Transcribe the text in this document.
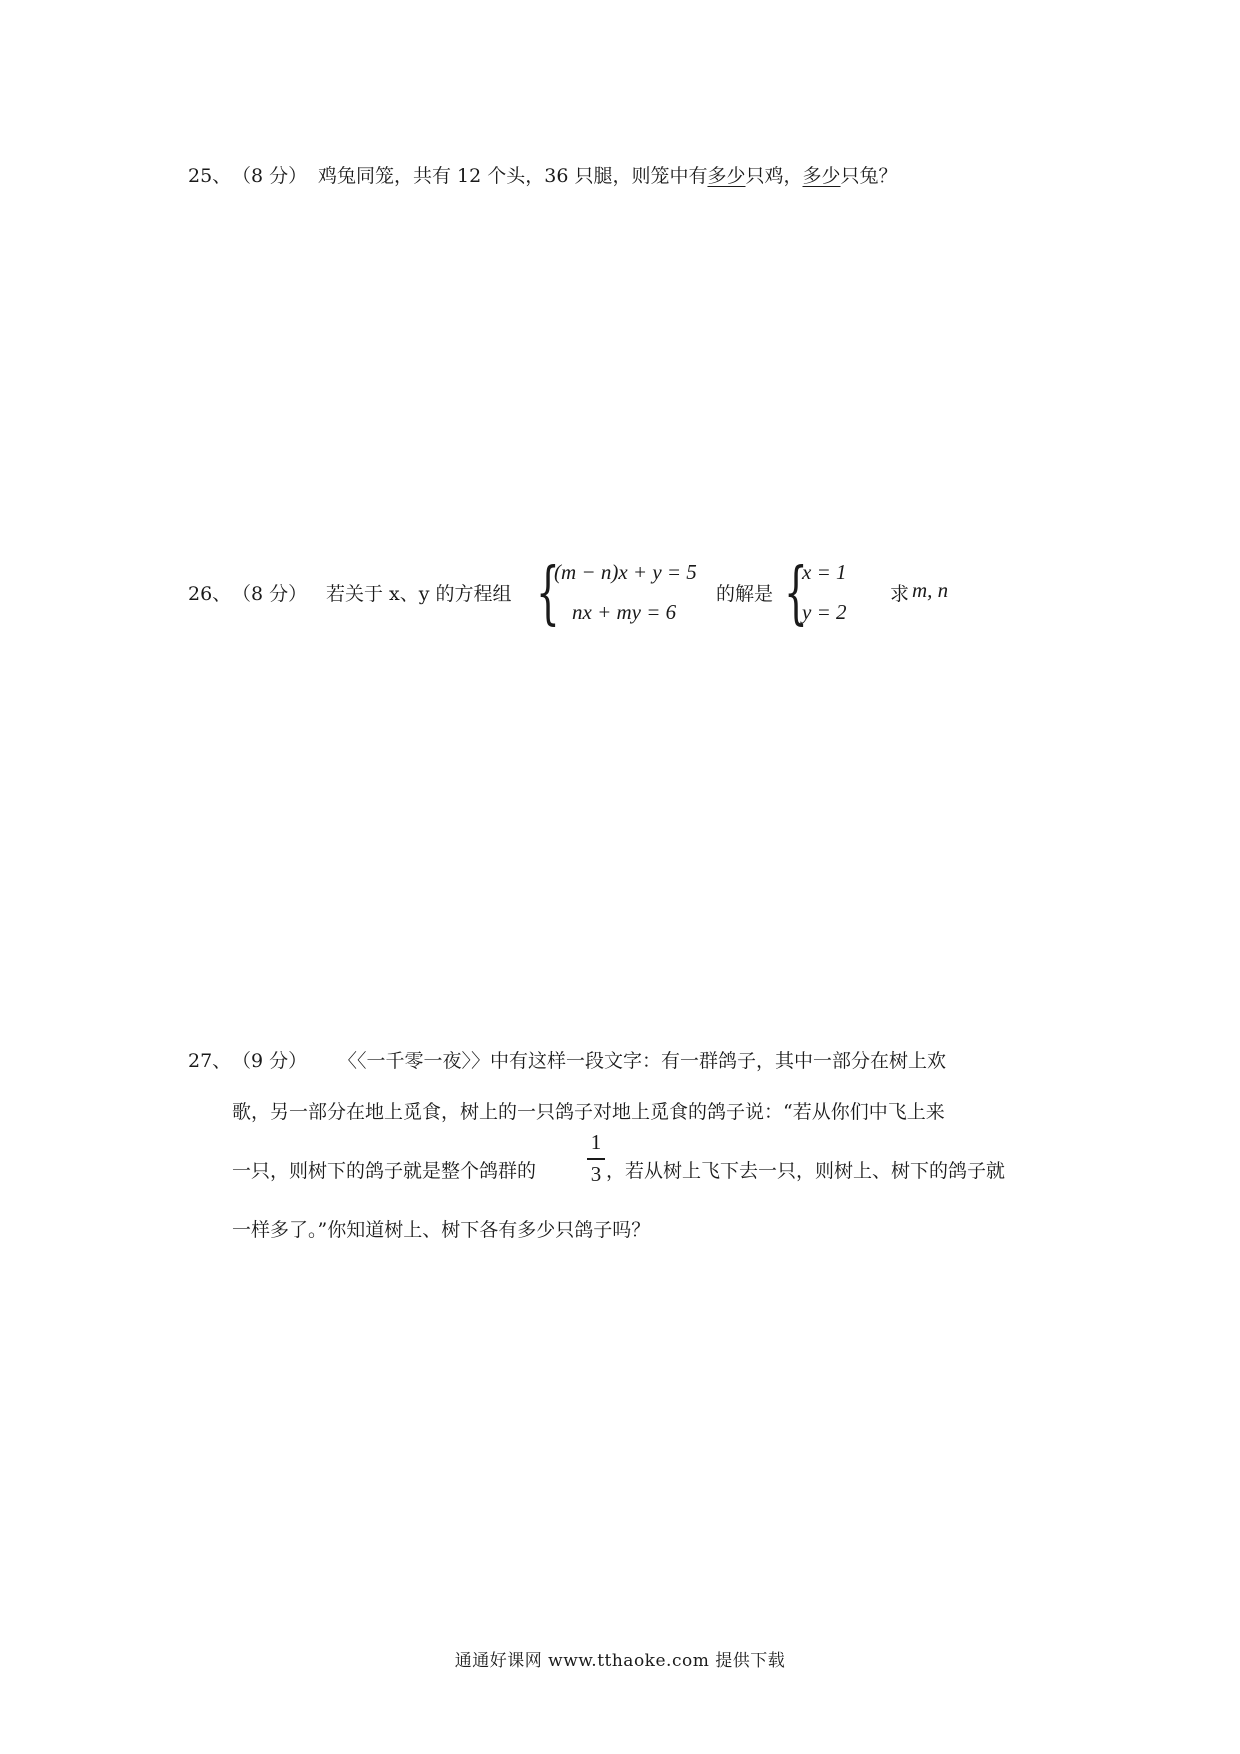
25、 （8 分） 鸡兔同笼，共有 12 个头，36 只腿，则笼中有多少只鸡，多少只兔？
26、 （8 分） 若关于 x、y 的方程组 {
(m − n)x + y = 5
nx + my = 6
的解是 {
x = 1
y = 2
求 m, n
27、 （9 分） 〈〈一千零一夜〉〉中有这样一段文字：有一群鸽子，其中一部分在树上欢
歌，另一部分在地上觅食，树上的一只鸽子对地上觅食的鸽子说：“若从你们中飞上来
一只，则树下的鸽子就是整个鸽群的
1
3 ，若从树上飞下去一只，则树上、树下的鸽子就
一样多了。”你知道树上、树下各有多少只鸽子吗？
通通好课网 www.tthaoke.com 提供下载
